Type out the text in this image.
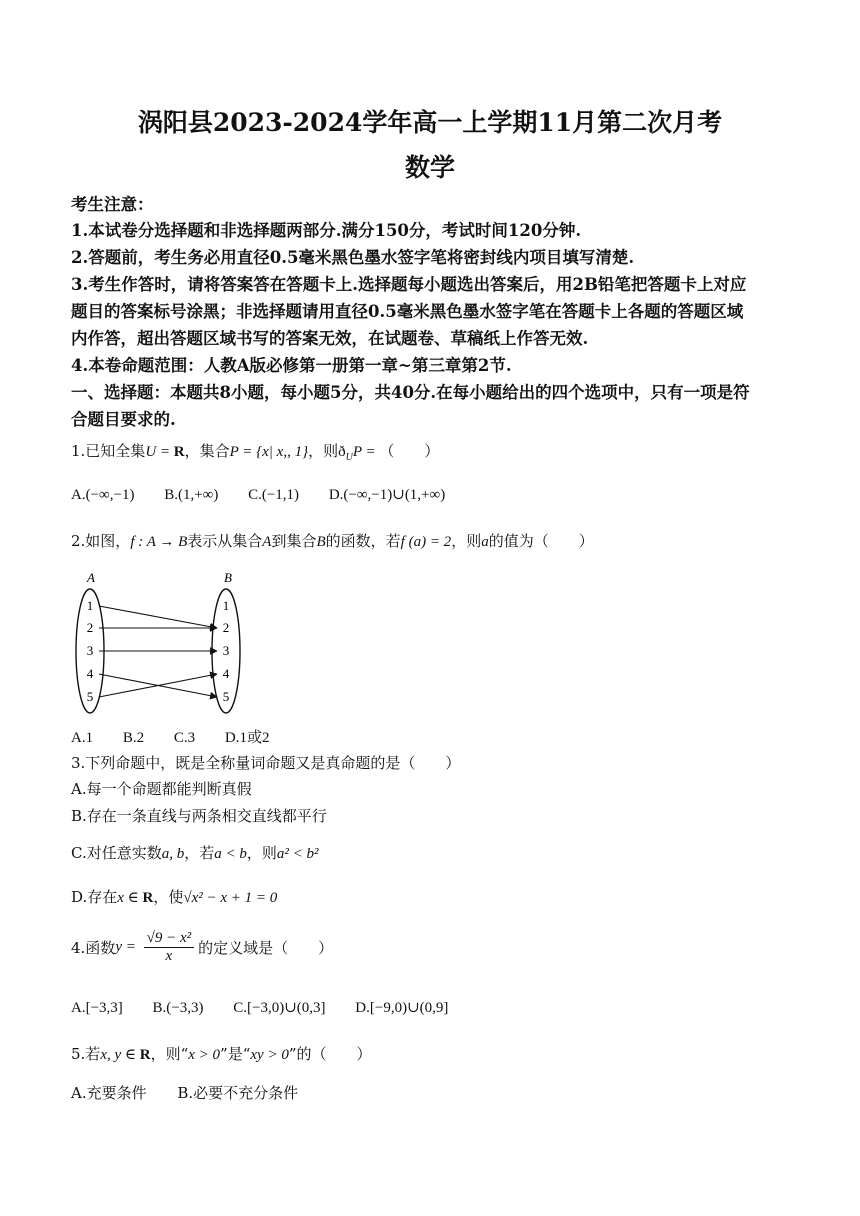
涡阳县2023-2024学年高一上学期11月第二次月考
数学
考生注意：
1.本试卷分选择题和非选择题两部分.满分150分，考试时间120分钟.
2.答题前，考生务必用直径0.5毫米黑色墨水签字笔将密封线内项目填写清楚.
3.考生作答时，请将答案答在答题卡上.选择题每小题选出答案后，用2B铅笔把答题卡上对应
题目的答案标号涂黑；非选择题请用直径0.5毫米黑色墨水签字笔在答题卡上各题的答题区域
内作答，超出答题区域书写的答案无效，在试题卷、草稿纸上作答无效.
4.本卷命题范围：人教A版必修第一册第一章~第三章第2节.
一、选择题：本题共8小题，每小题5分，共40分.在每小题给出的四个选项中，只有一项是符
合题目要求的.
1.已知全集U = R，集合P = {x| x,, 1}，则$ð_UP$ = （　　）
A.(−∞,−1) B.(1,+∞) C.(−1,1) D.(−∞,−1)∪(1,+∞)
2.如图，f : A → B表示从集合A到集合B的函数，若f (a) = 2，则a的值为（　　）
A	B
1
2
3
4
5
1
2
3
4
5
A.1 B.2 C.3 D.1或2
3.下列命题中，既是全称量词命题又是真命题的是（　　）
A.每一个命题都能判断真假
B.存在一条直线与两条相交直线都平行
C.对任意实数a, b，若a < b，则a² < b²
D.存在x ∈ R，使√x² − x + 1 = 0
4.函数$y = \frac{\text{√9 − x²}}{x}$ 的定义域是（　　）
A.[−3,3] B.(−3,3) C.[−3,0)∪(0,3] D.[−9,0)∪(0,9]
5.若x, y ∈ R，则“x > 0”是“xy > 0”的（　　）
A.充要条件 B.必要不充分条件
